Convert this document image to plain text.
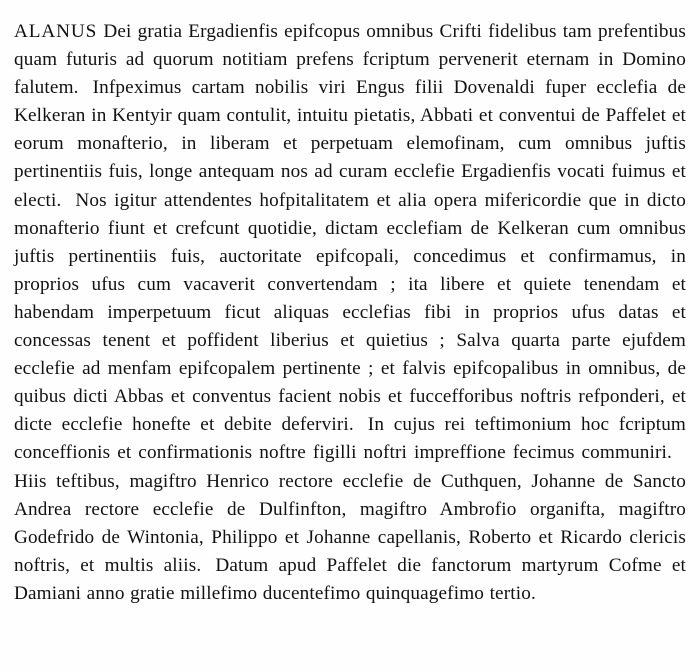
ALANUS Dei gratia Ergadienfis epifcopus omnibus Crifti fidelibus tam prefentibus quam futuris ad quorum notitiam prefens fcriptum pervenerit eternam in Domino falutem. Infpeximus cartam nobilis viri Engus filii Dovenaldi fuper ecclefia de Kelkeran in Kentyir quam contulit, intuitu pietatis, Abbati et conventui de Paffelet et eorum monafterio, in liberam et perpetuam elemofinam, cum omnibus juftis pertinentiis fuis, longe antequam nos ad curam ecclefie Ergadienfis vocati fuimus et electi. Nos igitur attendentes hofpitalitatem et alia opera mifericordie que in dicto monafterio fiunt et crefcunt quotidie, dictam ecclefiam de Kelkeran cum omnibus juftis pertinentiis fuis, auctoritate epifcopali, concedimus et confirmamus, in proprios ufus cum vacaverit convertendam ; ita libere et quiete tenendam et habendam imperpetuum ficut aliquas ecclefias fibi in proprios ufus datas et concessas tenent et poffident liberius et quietius ; Salva quarta parte ejufdem ecclefie ad menfam epifcopalem pertinente ; et falvis epifcopalibus in omnibus, de quibus dicti Abbas et conventus facient nobis et fuccefforibus noftris refponderi, et dicte ecclefie honefte et debite deferviri. In cujus rei teftimonium hoc fcriptum conceffionis et confirmationis noftre figilli noftri impreffione fecimus communiri.Hiis teftibus, magiftro Henrico rectore ecclefie de Cuthquen, Johanne de Sancto Andrea rectore ecclefie de Dulfinfton, magiftro Ambrofio organifta, magiftro Godefrido de Wintonia, Philippo et Johanne capellanis, Roberto et Ricardo clericis noftris, et multis aliis. Datum apud Paffelet die fanctorum martyrum Cofme et Damiani anno gratie millefimo ducentefimo quinquagefimo tertio.
